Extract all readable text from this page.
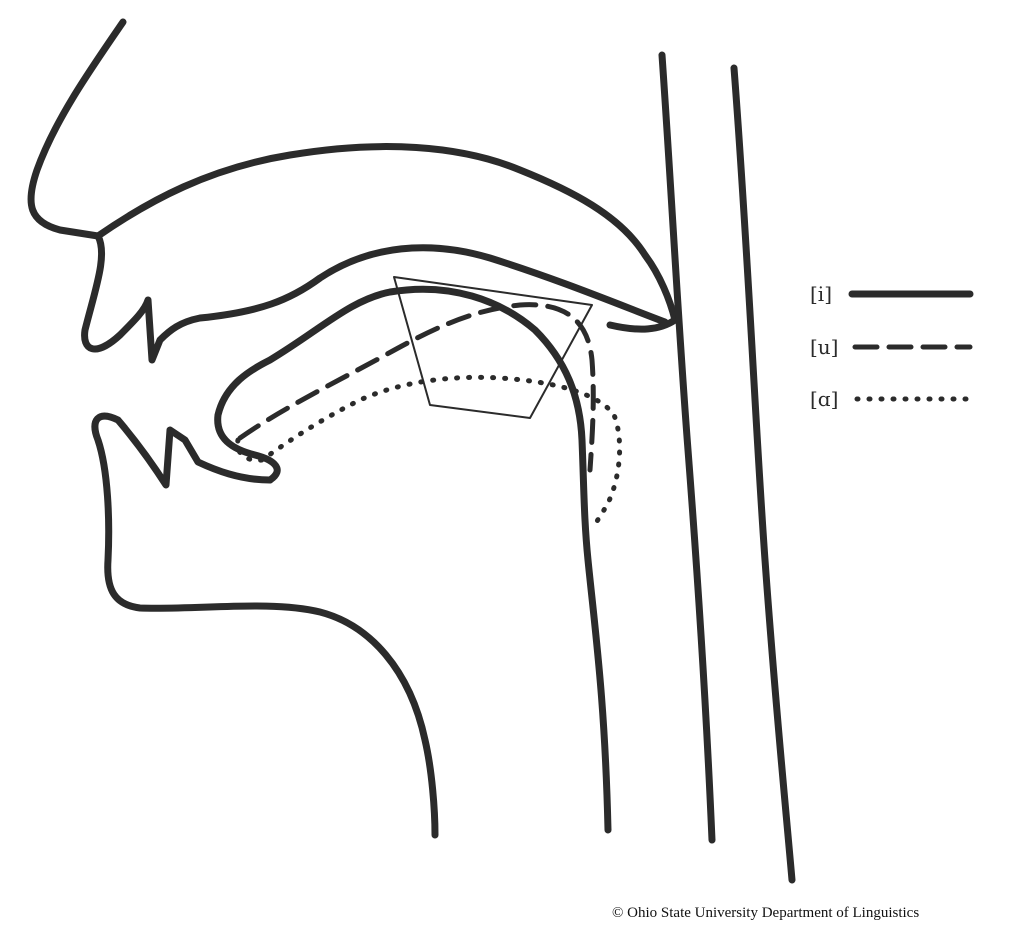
[i]
[u]
[ɑ]
© Ohio State University Department of Linguistics
